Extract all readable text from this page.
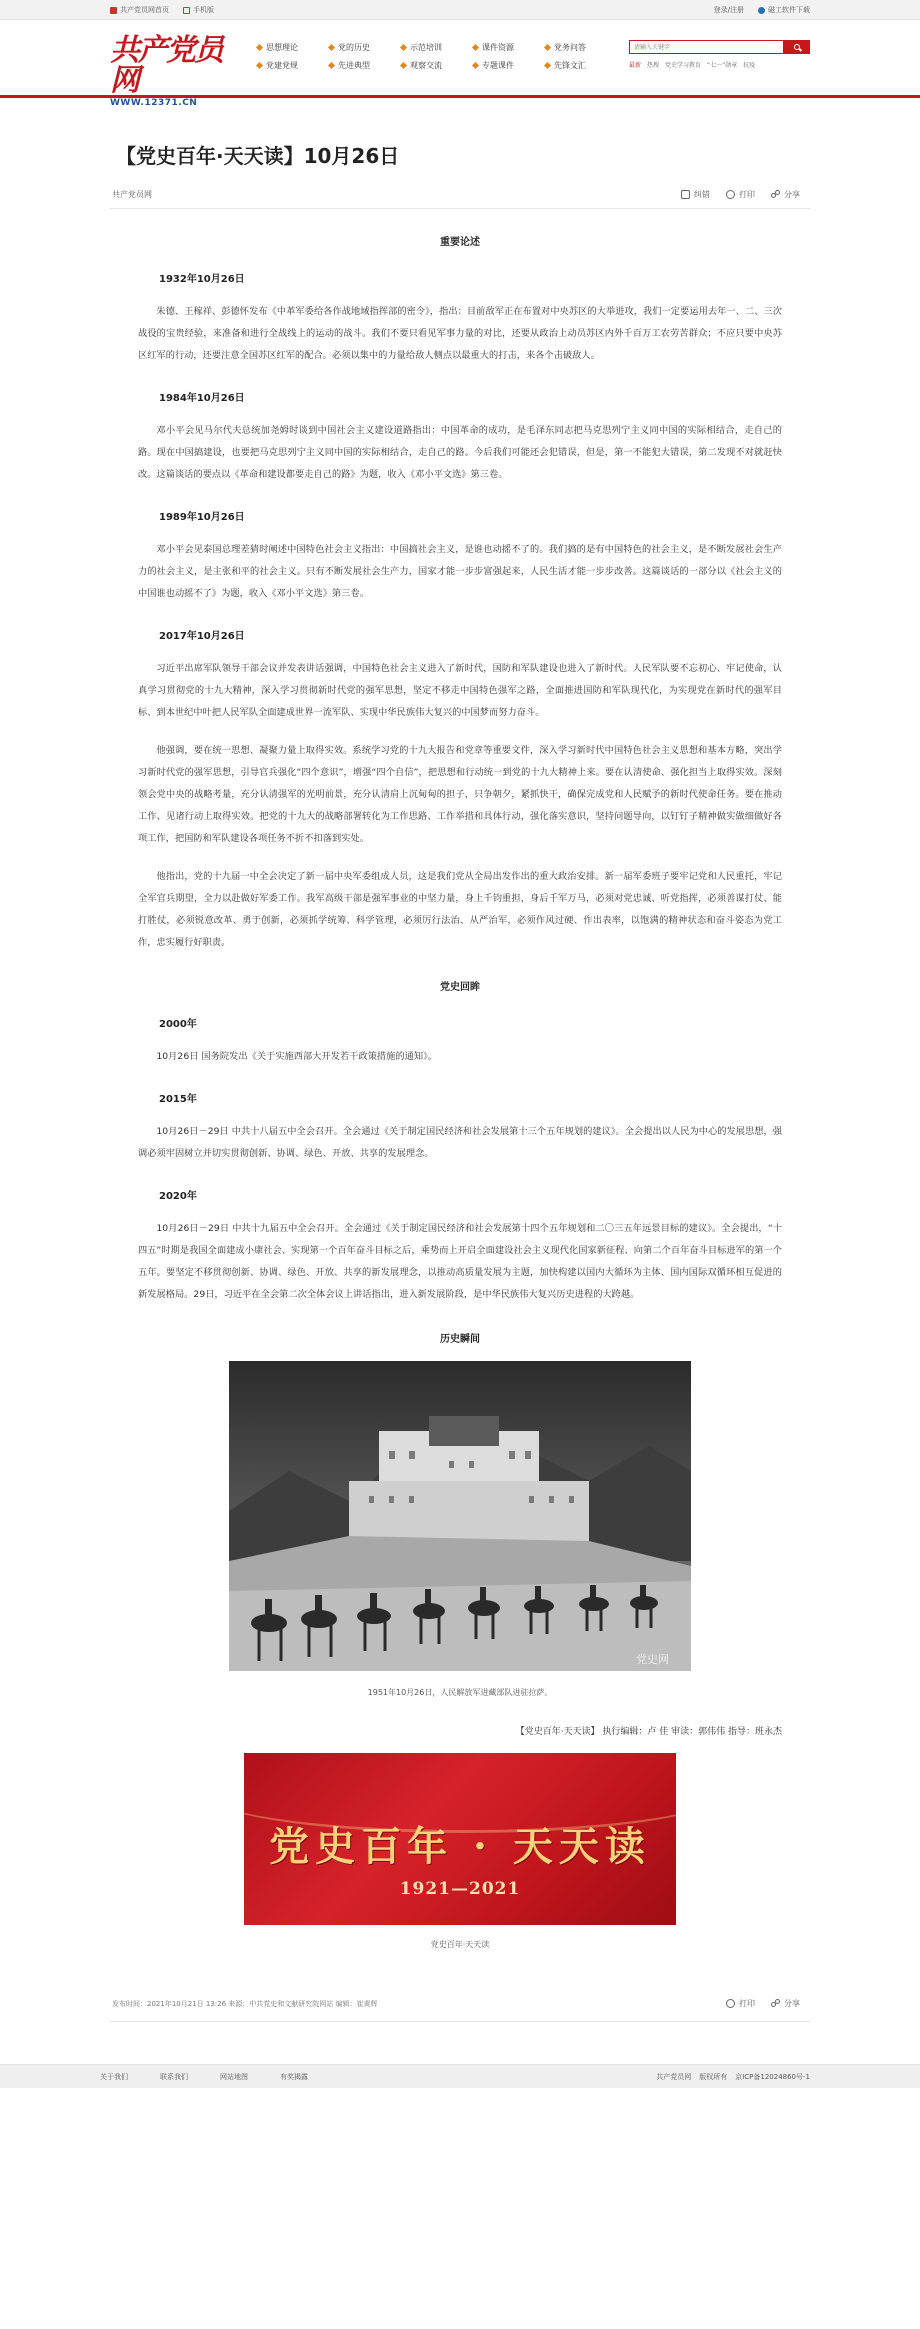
共产党员网首页	手机版	登录/注册	磁工软件下载
共产党员网
WWW.12371.CN
思想理论	党的历史	示范培训	课件资源	党务问答
党建党规	先进典型	观察交流	专题课件	先锋文汇
请输入关键字	最新 热搜 党史学习教育 “七一”勋章 抗疫
【党史百年·天天读】10月26日
共产党员网	纠错	打印	分享
重要论述
1932年10月26日

朱德、王稼祥、彭德怀发布《中革军委给各作战地域指挥部的密令》，指出：目前敌军正在布置对中央苏区的大举进攻，我们一定要运用去年一、二、三次战役的宝贵经验，来准备和进行全战线上的运动的战斗。我们不要只看见军事力量的对比，还要从政治上动员苏区内外千百万工农劳苦群众；不应只要中央苏区红军的行动，还要注意全国苏区红军的配合。必须以集中的力量给敌人侧点以最重大的打击，来各个击破敌人。

1984年10月26日

邓小平会见马尔代夫总统加尧姆时谈到中国社会主义建设道路指出：中国革命的成功，是毛泽东同志把马克思列宁主义同中国的实际相结合，走自己的路。现在中国搞建设，也要把马克思列宁主义同中国的实际相结合，走自己的路。今后我们可能还会犯错误，但是，第一不能犯大错误，第二发现不对就赶快改。这篇谈话的要点以《革命和建设都要走自己的路》为题，收入《邓小平文选》第三卷。

1989年10月26日

邓小平会见泰国总理差猜时阐述中国特色社会主义指出：中国搞社会主义，是谁也动摇不了的。我们搞的是有中国特色的社会主义，是不断发展社会生产力的社会主义，是主张和平的社会主义。只有不断发展社会生产力，国家才能一步步富强起来，人民生活才能一步步改善。这篇谈话的一部分以《社会主义的中国谁也动摇不了》为题，收入《邓小平文选》第三卷。

2017年10月26日

习近平出席军队领导干部会议并发表讲话强调，中国特色社会主义进入了新时代，国防和军队建设也进入了新时代。人民军队要不忘初心、牢记使命，认真学习贯彻党的十九大精神，深入学习贯彻新时代党的强军思想，坚定不移走中国特色强军之路，全面推进国防和军队现代化，为实现党在新时代的强军目标、到本世纪中叶把人民军队全面建成世界一流军队、实现中华民族伟大复兴的中国梦而努力奋斗。

他强调，要在统一思想、凝聚力量上取得实效。系统学习党的十九大报告和党章等重要文件，深入学习新时代中国特色社会主义思想和基本方略，突出学习新时代党的强军思想，引导官兵强化“四个意识”，增强“四个自信”，把思想和行动统一到党的十九大精神上来。要在认清使命、强化担当上取得实效。深刻领会党中央的战略考量，充分认清强军的光明前景，充分认清肩上沉甸甸的担子，只争朝夕，紧抓快干，确保完成党和人民赋予的新时代使命任务。要在推动工作、见诸行动上取得实效。把党的十九大的战略部署转化为工作思路、工作举措和具体行动，强化落实意识，坚持问题导向，以钉钉子精神做实做细做好各项工作，把国防和军队建设各项任务不折不扣落到实处。

他指出，党的十九届一中全会决定了新一届中央军委组成人员，这是我们党从全局出发作出的重大政治安排。新一届军委班子要牢记党和人民重托，牢记全军官兵期望，全力以赴做好军委工作。我军高级干部是强军事业的中坚力量，身上千钧重担，身后千军万马，必须对党忠诚、听党指挥，必须善谋打仗、能打胜仗，必须锐意改革、勇于创新，必须抓学统筹、科学管理，必须厉行法治、从严治军，必须作风过硬、作出表率，以饱满的精神状态和奋斗姿态为党工作，忠实履行好职责。

党史回眸
2000年

10月26日 国务院发出《关于实施西部大开发若干政策措施的通知》。

2015年

10月26日－29日 中共十八届五中全会召开。全会通过《关于制定国民经济和社会发展第十三个五年规划的建议》。全会提出以人民为中心的发展思想，强调必须牢固树立并切实贯彻创新、协调、绿色、开放、共享的发展理念。

2020年

10月26日－29日 中共十九届五中全会召开。全会通过《关于制定国民经济和社会发展第十四个五年规划和二〇三五年远景目标的建议》。全会提出，“十四五”时期是我国全面建成小康社会、实现第一个百年奋斗目标之后，乘势而上开启全面建设社会主义现代化国家新征程、向第二个百年奋斗目标进军的第一个五年。要坚定不移贯彻创新、协调、绿色、开放、共享的新发展理念，以推动高质量发展为主题，加快构建以国内大循环为主体、国内国际双循环相互促进的新发展格局。29日，习近平在全会第二次全体会议上讲话指出，进入新发展阶段，是中华民族伟大复兴历史进程的大跨越。

历史瞬间
党史网
1951年10月26日，人民解放军进藏部队进驻拉萨。
【党史百年·天天读】 执行编辑：卢 佳 审读：郭伟伟 指导：班永杰
党史百年 · 天天读
1921—2021
党史百年·天天读
发布时间：2021年10月21日 13:26 来源：中共党史和文献研究院网站 编辑：崔黄辉	打印	分享
关于我们	联系我们	网站地图	有奖揭露	共产党员网 版权所有 京ICP备12024860号-1
